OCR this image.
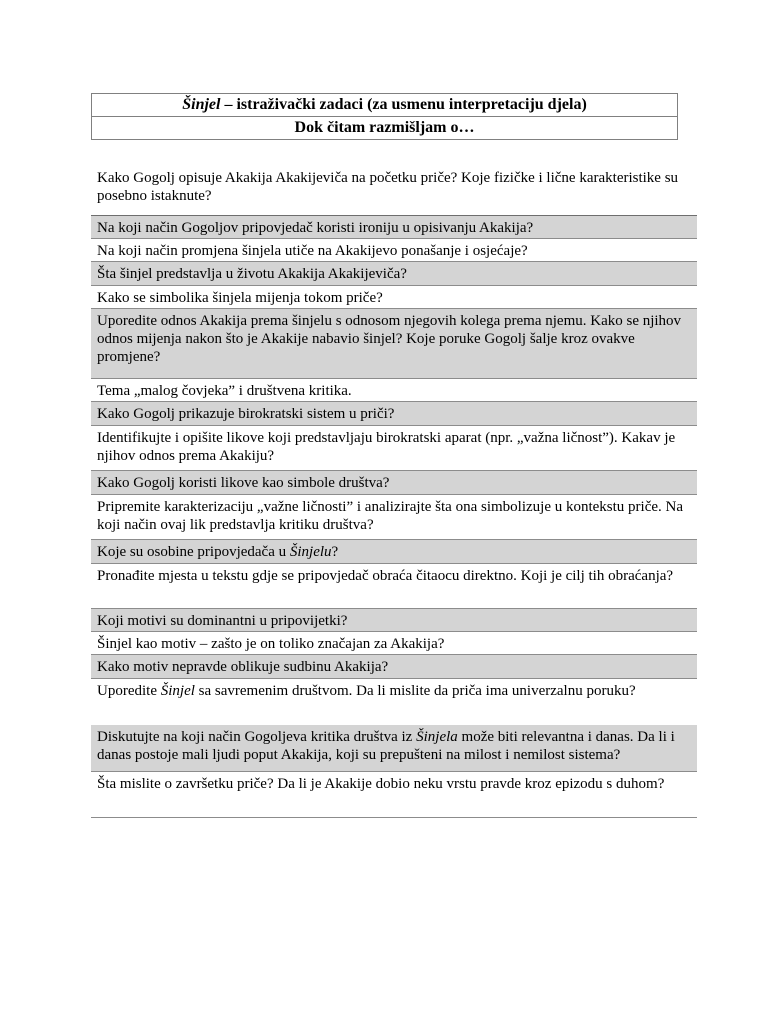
Šinjel – istraživački zadaci (za usmenu interpretaciju djela)
Dok čitam razmišljam o…
Kako Gogolj opisuje Akakija Akakijeviča na početku priče? Koje fizičke i lične karakteristike su posebno istaknute?
Na koji način Gogoljov pripovjedač koristi ironiju u opisivanju Akakija?
Na koji način promjena šinjela utiče na Akakijevo ponašanje i osjećaje?
Šta šinjel predstavlja u životu Akakija Akakijeviča?
Kako se simbolika šinjela mijenja tokom priče?
Uporedite odnos Akakija prema šinjelu s odnosom njegovih kolega prema njemu. Kako se njihov odnos mijenja nakon što je Akakije nabavio šinjel? Koje poruke Gogolj šalje kroz ovakve promjene?
Tema „malog čovjeka” i društvena kritika.
Kako Gogolj prikazuje birokratski sistem u priči?
Identifikujte i opišite likove koji predstavljaju birokratski aparat (npr. „važna ličnost”). Kakav je njihov odnos prema Akakiju?
Kako Gogolj koristi likove kao simbole društva?
Pripremite karakterizaciju „važne ličnosti” i analizirajte šta ona simbolizuje u kontekstu priče. Na koji način ovaj lik predstavlja kritiku društva?
Koje su osobine pripovjedača u Šinjelu?
Pronađite mjesta u tekstu gdje se pripovjedač obraća čitaocu direktno. Koji je cilj tih obraćanja?
Koji motivi su dominantni u pripovijetki?
Šinjel kao motiv – zašto je on toliko značajan za Akakija?
Kako motiv nepravde oblikuje sudbinu Akakija?
Uporedite Šinjel sa savremenim društvom. Da li mislite da priča ima univerzalnu poruku?
Diskutujte na koji način Gogoljeva kritika društva iz Šinjela može biti relevantna i danas. Da li i danas postoje mali ljudi poput Akakija, koji su prepušteni na milost i nemilost sistema?
Šta mislite o završetku priče? Da li je Akakije dobio neku vrstu pravde kroz epizodu s duhom?
